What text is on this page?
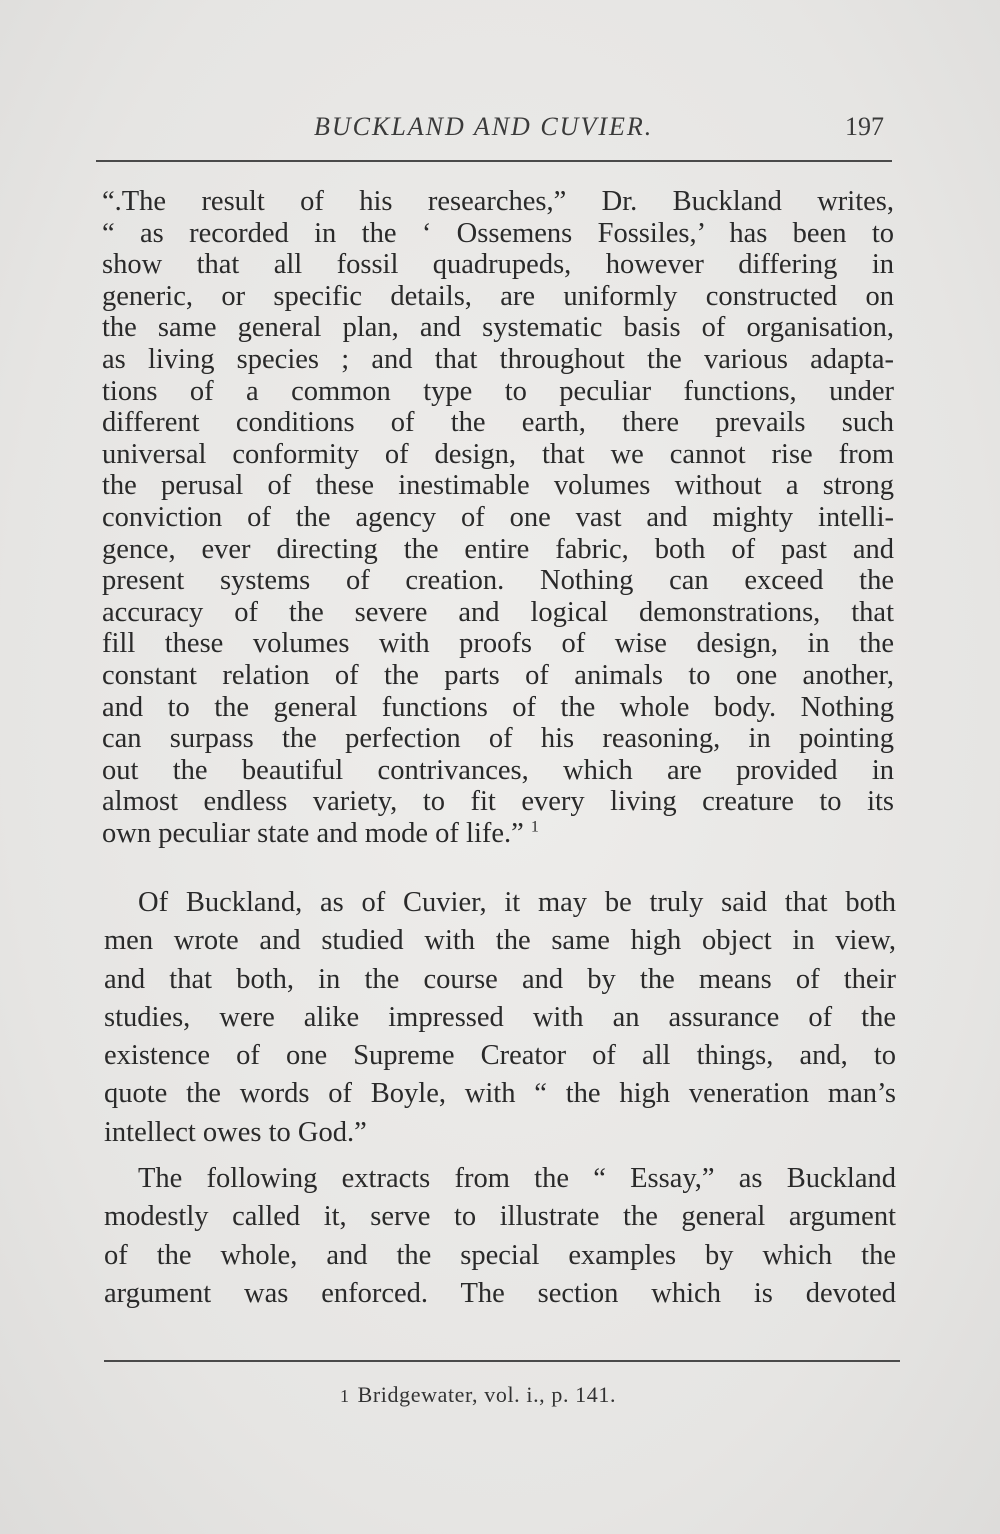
BUCKLAND AND CUVIER.	197
“.The result of his researches,” Dr. Buckland writes,
“ as recorded in the ‘ Ossemens Fossiles,’ has been to
show that all fossil quadrupeds, however differing in
generic, or specific details, are uniformly constructed on
the same general plan, and systematic basis of organisation,
as living species ; and that throughout the various adapta-
tions of a common type to peculiar functions, under
different conditions of the earth, there prevails such
universal conformity of design, that we cannot rise from
the perusal of these inestimable volumes without a strong
conviction of the agency of one vast and mighty intelli-
gence, ever directing the entire fabric, both of past and
present systems of creation. Nothing can exceed the
accuracy of the severe and logical demonstrations, that
fill these volumes with proofs of wise design, in the
constant relation of the parts of animals to one another,
and to the general functions of the whole body. Nothing
can surpass the perfection of his reasoning, in pointing
out the beautiful contrivances, which are provided in
almost endless variety, to fit every living creature to its
own peculiar state and mode of life.” $^1$
Of Buckland, as of Cuvier, it may be truly said that both
men wrote and studied with the same high object in view,
and that both, in the course and by the means of their
studies, were alike impressed with an assurance of the
existence of one Supreme Creator of all things, and, to
quote the words of Boyle, with “ the high veneration man’s
intellect owes to God.”
The following extracts from the “ Essay,” as Buckland
modestly called it, serve to illustrate the general argument
of the whole, and the special examples by which the
argument was enforced. The section which is devoted
1 Bridgewater, vol. i., p. 141.
